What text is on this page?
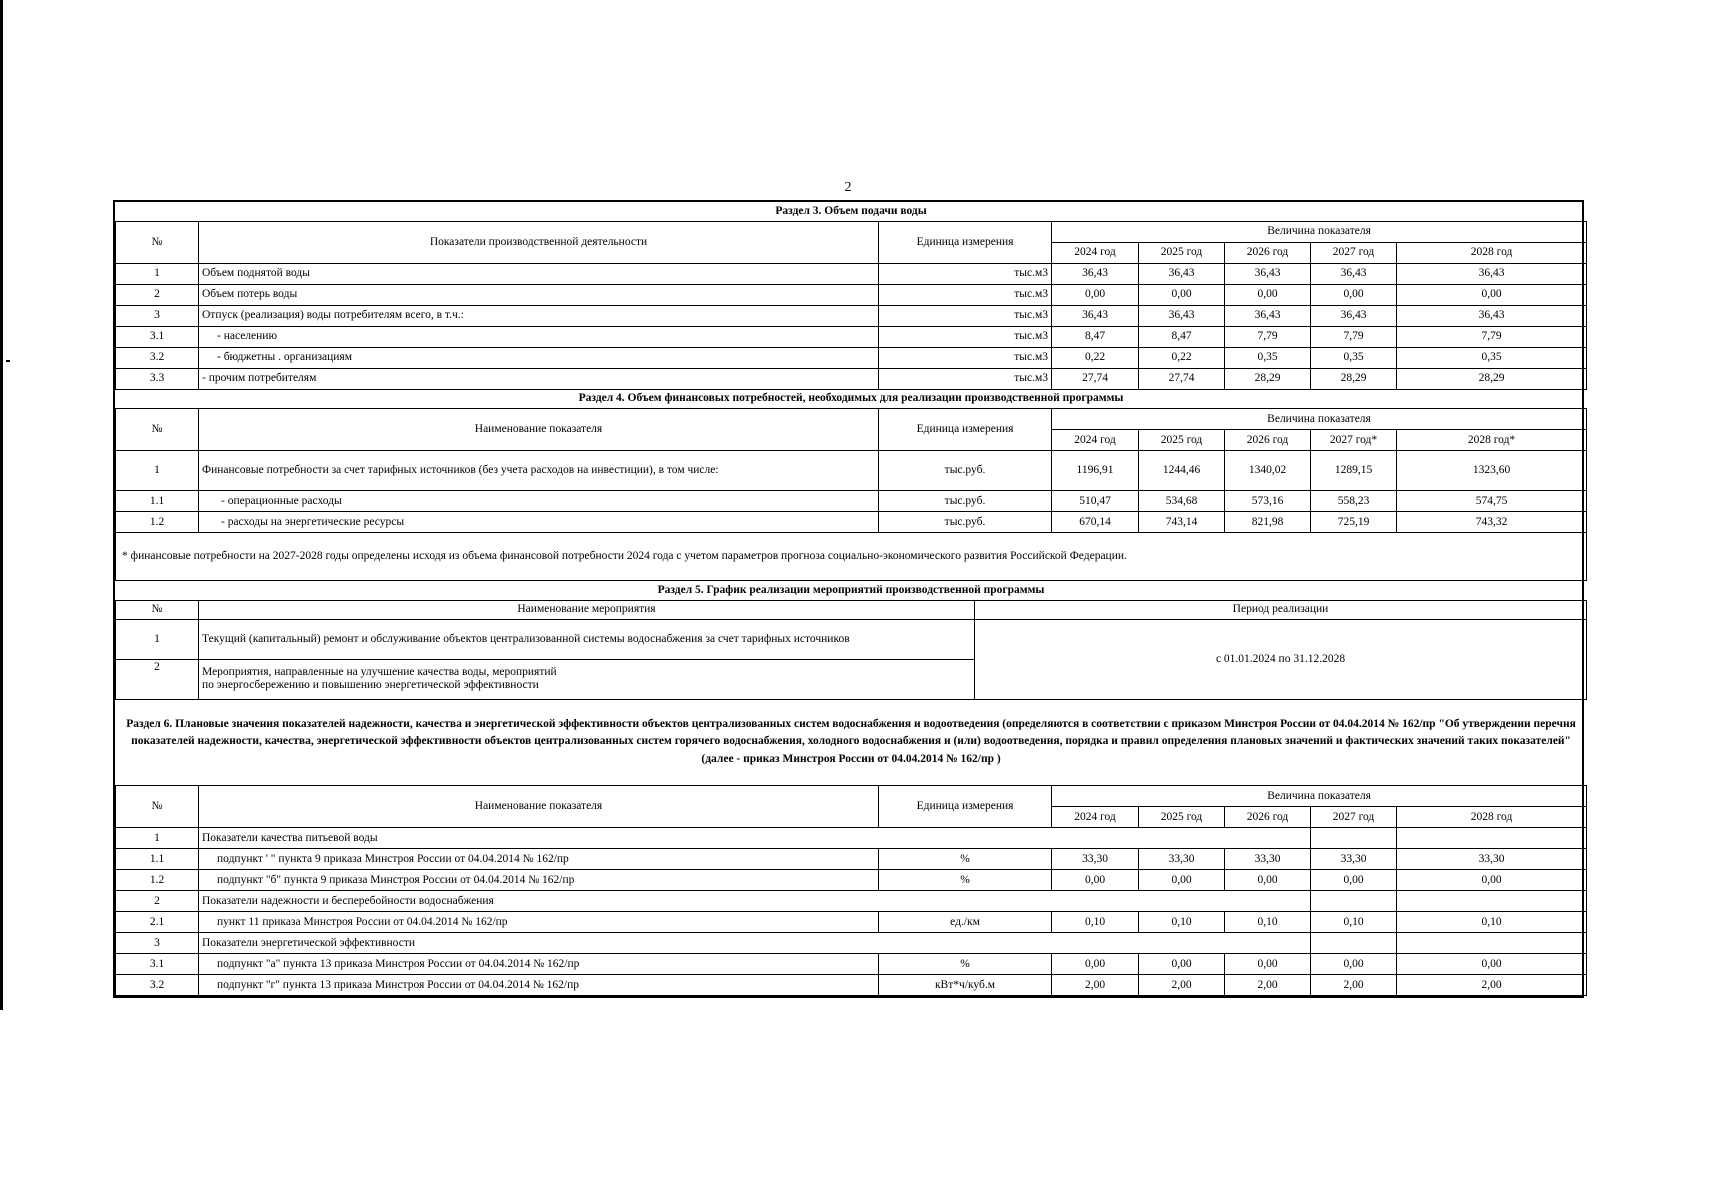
2
Раздел 3. Объем подачи воды							
№	Показатели производственной деятельности	Единица измерения	Величина показателя				
			2024 год	2025 год	2026 год	2027 год	2028 год
1	Объем поднятой воды	тыс.м3	36,43	36,43	36,43	36,43	36,43
2	Объем потерь воды	тыс.м3	0,00	0,00	0,00	0,00	0,00
3	Отпуск (реализация) воды потребителям всего, в т.ч.:	тыс.м3	36,43	36,43	36,43	36,43	36,43
3.1	- населению	тыс.м3	8,47	8,47	7,79	7,79	7,79
3.2	- бюджетны . организациям	тыс.м3	0,22	0,22	0,35	0,35	0,35
3.3	- прочим потребителям	тыс.м3	27,74	27,74	28,29	28,29	28,29
Раздел 4. Объем финансовых потребностей, необходимых для реализации производственной программы							
№	Наименование показателя	Единица измерения	Величина показателя				
			2024 год	2025 год	2026 год	2027 год*	2028 год*
1	Финансовые потребности за счет тарифных источников (без учета расходов на инвестиции), в том числе:	тыс.руб.	1196,91	1244,46	1340,02	1289,15	1323,60
1.1	- операционные расходы	тыс.руб.	510,47	534,68	573,16	558,23	574,75
1.2	- расходы на энергетические ресурсы	тыс.руб.	670,14	743,14	821,98	725,19	743,32
* финансовые потребности на 2027-2028 годы определены исходя из объема финансовой потребности 2024 года с учетом параметров прогноза социально-экономического развития Российской Федерации.							
Раздел 5. График реализации мероприятий производственной программы		
№	Наименование мероприятия	Период реализации
1	Текущий (капитальный) ремонт и обслуживание объектов централизованной системы водоснабжения за счет тарифных источников	с 01.01.2024 по 31.12.2028
2	Мероприятия, направленные на улучшение качества воды, мероприятий
по энергосбережению и повышению энергетической эффективности	
Раздел 6. Плановые значения показателей надежности, качества и энергетической эффективности объектов централизованных систем водоснабжения и водоотведения (определяются в соответствии с приказом Минстроя России от 04.04.2014 № 162/пр "Об утверждении перечня показателей надежности, качества, энергетической эффективности объектов централизованных систем горячего водоснабжения, холодного водоснабжения и (или) водоотведения, порядка и правил определения плановых значений и фактических значений таких показателей" (далее - приказ Минстроя России от 04.04.2014 № 162/пр )							
№	Наименование показателя	Единица измерения	Величина показателя				
			2024 год	2025 год	2026 год	2027 год	2028 год
1	Показатели качества питьевой воды						
1.1	подпункт ' " пункта 9 приказа Минстроя России от 04.04.2014 № 162/пр	%	33,30	33,30	33,30	33,30	33,30
1.2	подпункт "б" пункта 9 приказа Минстроя России от 04.04.2014 № 162/пр	%	0,00	0,00	0,00	0,00	0,00
2	Показатели надежности и бесперебойности водоснабжения						
2.1	пункт 11 приказа Минстроя России от 04.04.2014 № 162/пр	ед./км	0,10	0,10	0,10	0,10	0,10
3	Показатели энергетической эффективности						
3.1	подпункт "а" пункта 13 приказа Минстроя России от 04.04.2014 № 162/пр	%	0,00	0,00	0,00	0,00	0,00
3.2	подпункт "г" пункта 13 приказа Минстроя России от 04.04.2014 № 162/пр	кВт*ч/куб.м	2,00	2,00	2,00	2,00	2,00
